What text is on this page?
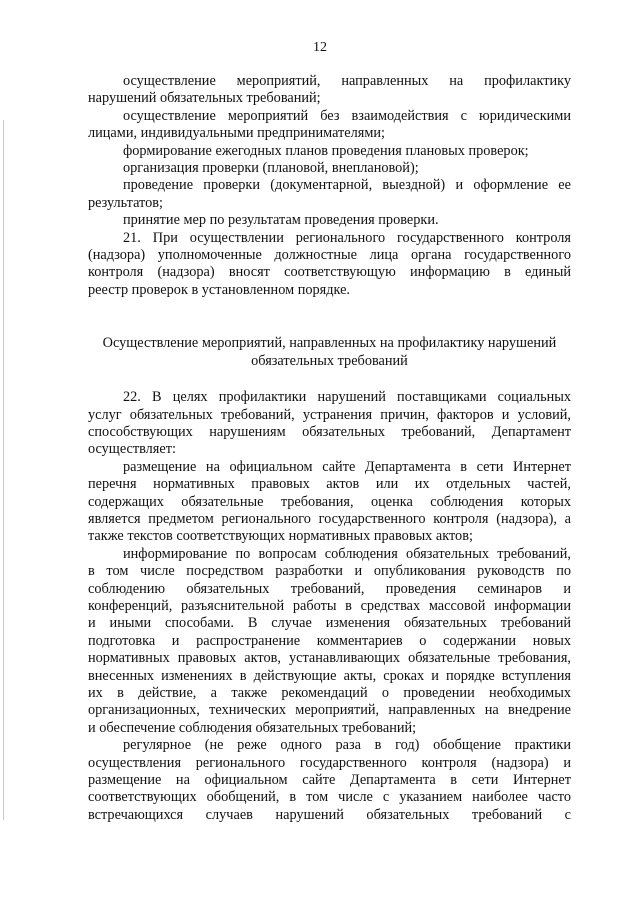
12

осуществление мероприятий, направленных на профилактику

нарушений обязательных требований;

осуществление мероприятий без взаимодействия с юридическими

лицами, индивидуальными предпринимателями;

формирование ежегодных планов проведения плановых проверок;

организация проверки (плановой, внеплановой);

проведение проверки (документарной, выездной) и оформление ее

результатов;

принятие мер по результатам проведения проверки.

21. При осуществлении регионального государственного контроля

(надзора) уполномоченные должностные лица органа государственного

контроля (надзора) вносят соответствующую информацию в единый

реестр проверок в установленном порядке.

Осуществление мероприятий, направленных на профилактику нарушений

обязательных требований

22. В целях профилактики нарушений поставщиками социальных

услуг обязательных требований, устранения причин, факторов и условий,

способствующих нарушениям обязательных требований, Департамент

осуществляет:

размещение на официальном сайте Департамента в сети Интернет

перечня нормативных правовых актов или их отдельных частей,

содержащих обязательные требования, оценка соблюдения которых

является предметом регионального государственного контроля (надзора), а

также текстов соответствующих нормативных правовых актов;

информирование по вопросам соблюдения обязательных требований,

в том числе посредством разработки и опубликования руководств по

соблюдению обязательных требований, проведения семинаров и

конференций, разъяснительной работы в средствах массовой информации

и иными способами. В случае изменения обязательных требований

подготовка и распространение комментариев о содержании новых

нормативных правовых актов, устанавливающих обязательные требования,

внесенных изменениях в действующие акты, сроках и порядке вступления

их в действие, а также рекомендаций о проведении необходимых

организационных, технических мероприятий, направленных на внедрение

и обеспечение соблюдения обязательных требований;

регулярное (не реже одного раза в год) обобщение практики

осуществления регионального государственного контроля (надзора) и

размещение на официальном сайте Департамента в сети Интернет

соответствующих обобщений, в том числе с указанием наиболее часто

встречающихся случаев нарушений обязательных требований с
